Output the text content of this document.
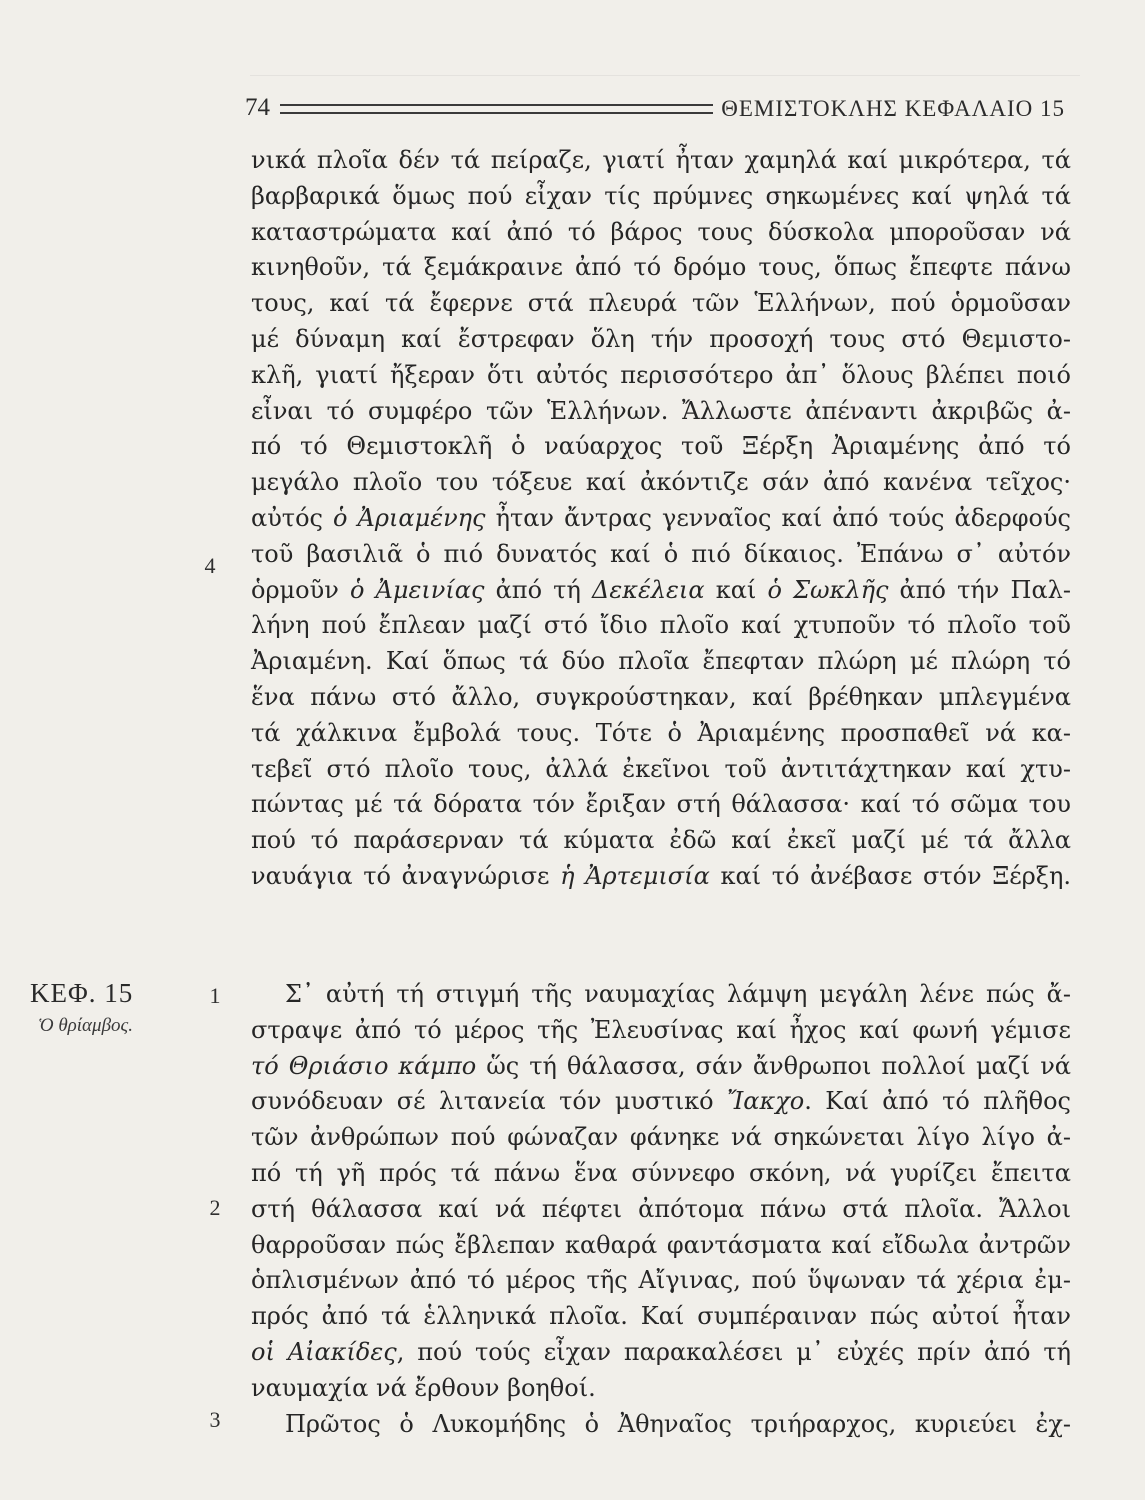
74	ΘΕΜΙΣΤΟΚΛΗΣ ΚΕΦΑΛΑΙΟ 15
νικά πλοῖα δέν τά πείραζε, γιατί ἦταν χαμηλά καί μικρότερα, τά
βαρβαρικά ὅμως πού εἶχαν τίς πρύμνες σηκωμένες καί ψηλά τά
καταστρώματα καί ἀπό τό βάρος τους δύσκολα μποροῦσαν νά
κινηθοῦν, τά ξεμάκραινε ἀπό τό δρόμο τους, ὅπως ἔπεφτε πάνω
τους, καί τά ἔφερνε στά πλευρά τῶν Ἑλλήνων, πού ὁρμοῦσαν
μέ δύναμη καί ἔστρεφαν ὅλη τήν προσοχή τους στό Θεμιστο-
κλῆ, γιατί ἤξεραν ὅτι αὐτός περισσότερο ἀπ᾿ ὅλους βλέπει ποιό
εἶναι τό συμφέρο τῶν Ἑλλήνων. Ἄλλωστε ἀπέναντι ἀκριβῶς ἀ-
πό τό Θεμιστοκλῆ ὁ ναύαρχος τοῦ Ξέρξη Ἀριαμένης ἀπό τό
μεγάλο πλοῖο του τόξευε καί ἀκόντιζε σάν ἀπό κανένα τεῖχος·
αὐτός ὁ Ἀριαμένης ἦταν ἄντρας γενναῖος καί ἀπό τούς ἀδερφούς
τοῦ βασιλιᾶ ὁ πιό δυνατός καί ὁ πιό δίκαιος. Ἐπάνω σ᾿ αὐτόν
ὁρμοῦν ὁ Ἀμεινίας ἀπό τή Δεκέλεια καί ὁ Σωκλῆς ἀπό τήν Παλ-
λήνη πού ἔπλεαν μαζί στό ἴδιο πλοῖο καί χτυποῦν τό πλοῖο τοῦ
Ἀριαμένη. Καί ὅπως τά δύο πλοῖα ἔπεφταν πλώρη μέ πλώρη τό
ἕνα πάνω στό ἄλλο, συγκρούστηκαν, καί βρέθηκαν μπλεγμένα
τά χάλκινα ἔμβολά τους. Τότε ὁ Ἀριαμένης προσπαθεῖ νά κα-
τεβεῖ στό πλοῖο τους, ἀλλά ἐκεῖνοι τοῦ ἀντιτάχτηκαν καί χτυ-
πώντας μέ τά δόρατα τόν ἔριξαν στή θάλασσα· καί τό σῶμα του
πού τό παράσερναν τά κύματα ἐδῶ καί ἐκεῖ μαζί μέ τά ἄλλα
ναυάγια τό ἀναγνώρισε ἡ Ἀρτεμισία καί τό ἀνέβασε στόν Ξέρξη.
4
ΚΕΦ. 15
Ὁ θρίαμβος.
1
2
3
Σ᾿ αὐτή τή στιγμή τῆς ναυμαχίας λάμψη μεγάλη λένε πώς ἄ-
στραψε ἀπό τό μέρος τῆς Ἐλευσίνας καί ἦχος καί φωνή γέμισε
τό Θριάσιο κάμπο ὥς τή θάλασσα, σάν ἄνθρωποι πολλοί μαζί νά
συνόδευαν σέ λιτανεία τόν μυστικό Ἴακχο. Καί ἀπό τό πλῆθος
τῶν ἀνθρώπων πού φώναζαν φάνηκε νά σηκώνεται λίγο λίγο ἀ-
πό τή γῆ πρός τά πάνω ἕνα σύννεφο σκόνη, νά γυρίζει ἔπειτα
στή θάλασσα καί νά πέφτει ἀπότομα πάνω στά πλοῖα. Ἄλλοι
θαρροῦσαν πώς ἔβλεπαν καθαρά φαντάσματα καί εἴδωλα ἀντρῶν
ὁπλισμένων ἀπό τό μέρος τῆς Αἴγινας, πού ὕψωναν τά χέρια ἐμ-
πρός ἀπό τά ἑλληνικά πλοῖα. Καί συμπέραιναν πώς αὐτοί ἦταν
οἱ Αἰακίδες, πού τούς εἶχαν παρακαλέσει μ᾿ εὐχές πρίν ἀπό τή
ναυμαχία νά ἔρθουν βοηθοί.
Πρῶτος ὁ Λυκομήδης ὁ Ἀθηναῖος τριήραρχος, κυριεύει ἐχ-
